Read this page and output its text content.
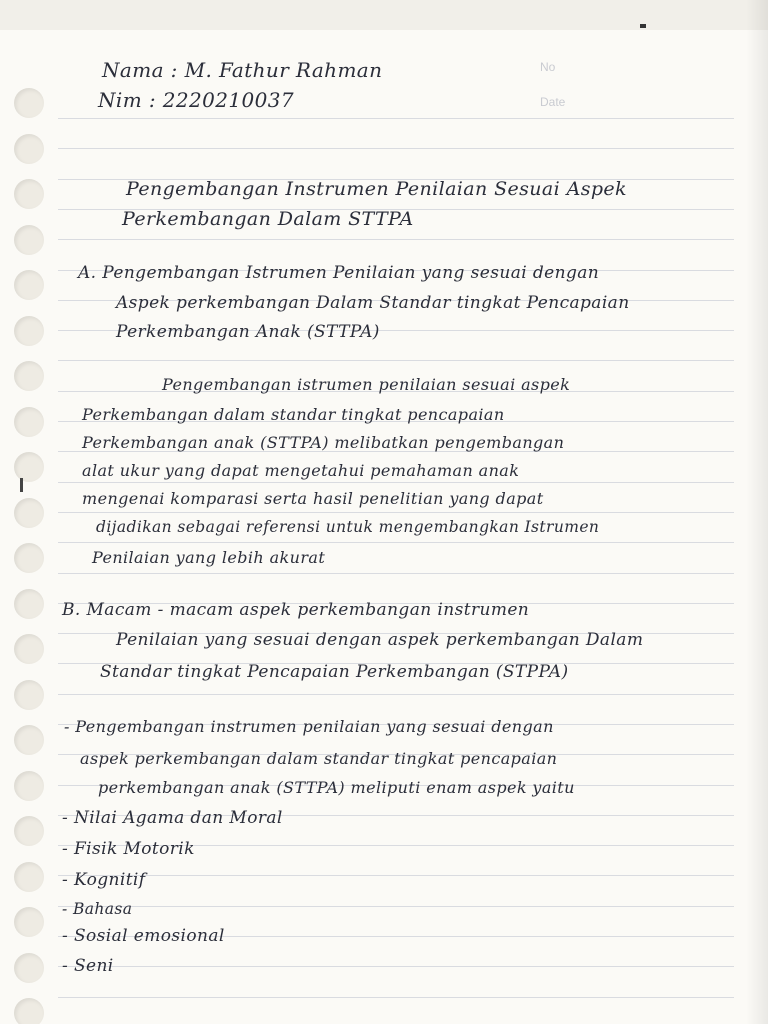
No
Date

Nama : M. Fathur Rahman

Nim : 2220210037

Pengembangan Instrumen Penilaian Sesuai Aspek

Perkembangan Dalam STTPA

A. Pengembangan Istrumen Penilaian yang sesuai dengan

Aspek perkembangan Dalam Standar tingkat Pencapaian

Perkembangan Anak (STTPA)

Pengembangan istrumen penilaian sesuai aspek

Perkembangan dalam standar tingkat pencapaian

Perkembangan anak (STTPA) melibatkan pengembangan

alat ukur yang dapat mengetahui pemahaman anak

mengenai komparasi serta hasil penelitian yang dapat

dijadikan sebagai referensi untuk mengembangkan Istrumen

Penilaian yang lebih akurat

B. Macam - macam aspek perkembangan instrumen

Penilaian yang sesuai dengan aspek perkembangan Dalam

Standar tingkat Pencapaian Perkembangan (STPPA)

- Pengembangan instrumen penilaian yang sesuai dengan

aspek perkembangan dalam standar tingkat pencapaian

perkembangan anak (STTPA) meliputi enam aspek yaitu

- Nilai Agama dan Moral

- Fisik Motorik

- Kognitif

- Bahasa

- Sosial emosional

- Seni
